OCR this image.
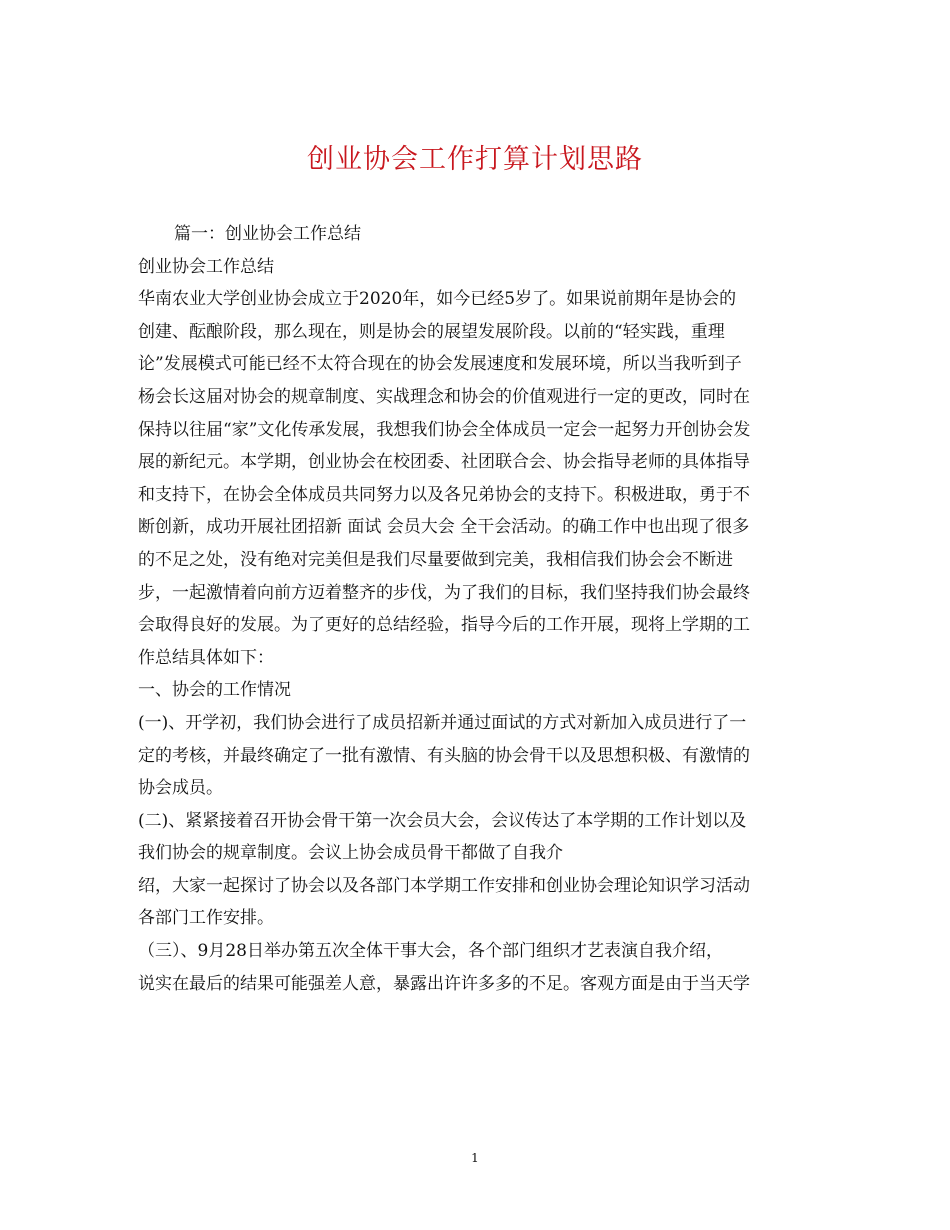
创业协会工作打算计划思路
篇一：创业协会工作总结
创业协会工作总结
华南农业大学创业协会成立于2020年，如今已经5岁了。如果说前期年是协会的
创建、酝酿阶段，那么现在，则是协会的展望发展阶段。以前的“轻实践，重理
论”发展模式可能已经不太符合现在的协会发展速度和发展环境，所以当我听到子
杨会长这届对协会的规章制度、实战理念和协会的价值观进行一定的更改，同时在
保持以往届“家”文化传承发展，我想我们协会全体成员一定会一起努力开创协会发
展的新纪元。本学期，创业协会在校团委、社团联合会、协会指导老师的具体指导
和支持下，在协会全体成员共同努力以及各兄弟协会的支持下。积极进取，勇于不
断创新，成功开展社团招新 面试 会员大会 全干会活动。的确工作中也出现了很多
的不足之处，没有绝对完美但是我们尽量要做到完美，我相信我们协会会不断进
步，一起激情着向前方迈着整齐的步伐，为了我们的目标，我们坚持我们协会最终
会取得良好的发展。为了更好的总结经验，指导今后的工作开展，现将上学期的工
作总结具体如下：
一、协会的工作情况
(一)、开学初，我们协会进行了成员招新并通过面试的方式对新加入成员进行了一
定的考核，并最终确定了一批有激情、有头脑的协会骨干以及思想积极、有激情的
协会成员。
(二)、紧紧接着召开协会骨干第一次会员大会，会议传达了本学期的工作计划以及
我们协会的规章制度。会议上协会成员骨干都做了自我介
绍，大家一起探讨了协会以及各部门本学期工作安排和创业协会理论知识学习活动
各部门工作安排。
（三）、9月28日举办第五次全体干事大会，各个部门组织才艺表演自我介绍，
说实在最后的结果可能强差人意，暴露出许许多多的不足。客观方面是由于当天学
1
